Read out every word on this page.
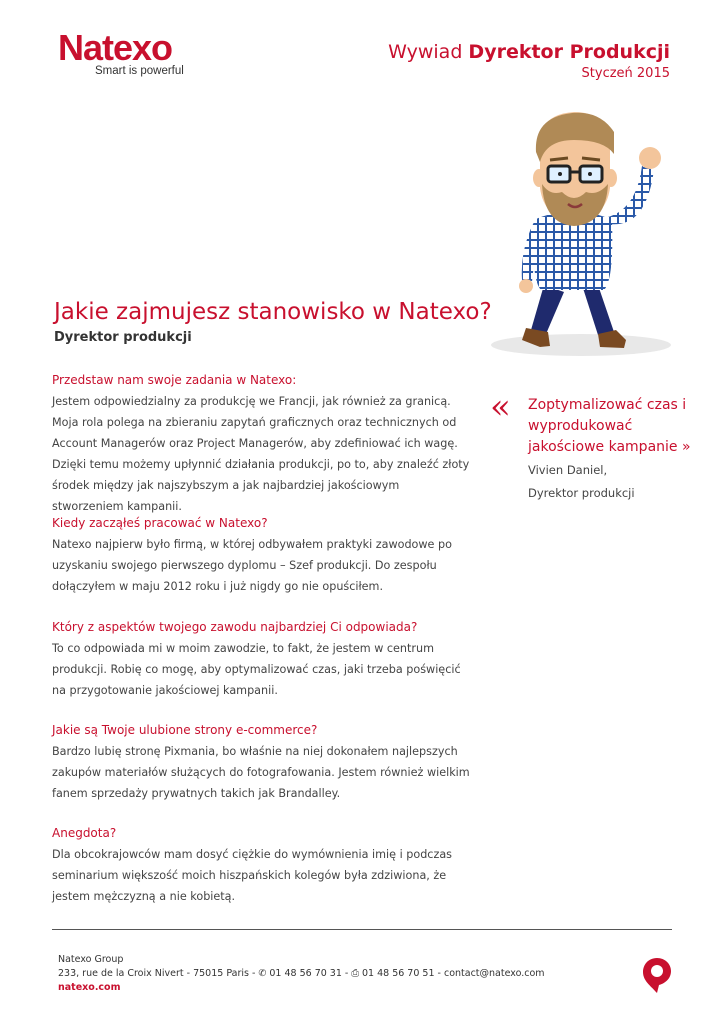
Natexo
Smart is powerful
Wywiad Dyrektor Produkcji
Styczeń 2015
Jakie zajmujesz stanowisko w Natexo?
Dyrektor produkcji
Przedstaw nam swoje zadania w Natexo:
Jestem odpowiedzialny za produkcję we Francji, jak również za granicą. Moja rola polega na zbieraniu zapytań graficznych oraz technicznych od Account Managerów oraz Project Managerów, aby zdefiniować ich wagę. Dzięki temu możemy upłynnić działania produkcji, po to, aby znaleźć złoty środek między jak najszybszym a jak najbardziej jakościowym stworzeniem kampanii.
Kiedy zacząłeś pracować w Natexo?
Natexo najpierw było firmą, w której odbywałem praktyki zawodowe po uzyskaniu swojego pierwszego dyplomu – Szef produkcji. Do zespołu dołączyłem w maju 2012 roku i już nigdy go nie opuściłem.
Który z aspektów twojego zawodu najbardziej Ci odpowiada?
To co odpowiada mi w moim zawodzie, to fakt, że jestem w centrum produkcji. Robię co mogę, aby optymalizować czas, jaki trzeba poświęcić na przygotowanie jakościowej kampanii.
Jakie są Twoje ulubione strony e-commerce?
Bardzo lubię stronę Pixmania, bo właśnie na niej dokonałem najlepszych zakupów materiałów służących do fotografowania. Jestem również wielkim fanem sprzedaży prywatnych takich jak Brandalley.
Anegdota?
Dla obcokrajowców mam dosyć ciężkie do wymównienia imię i podczas seminarium większość moich hiszpańskich kolegów była zdziwiona, że jestem mężczyzną a nie kobietą.
« Zoptymalizować czas i wyprodukować jakościowe kampanie »
Vivien Daniel,
Dyrektor produkcji
Natexo Group
233, rue de la Croix Nivert - 75015 Paris - ✆ 01 48 56 70 31 - ⎙ 01 48 56 70 51 - contact@natexo.com
natexo.com
